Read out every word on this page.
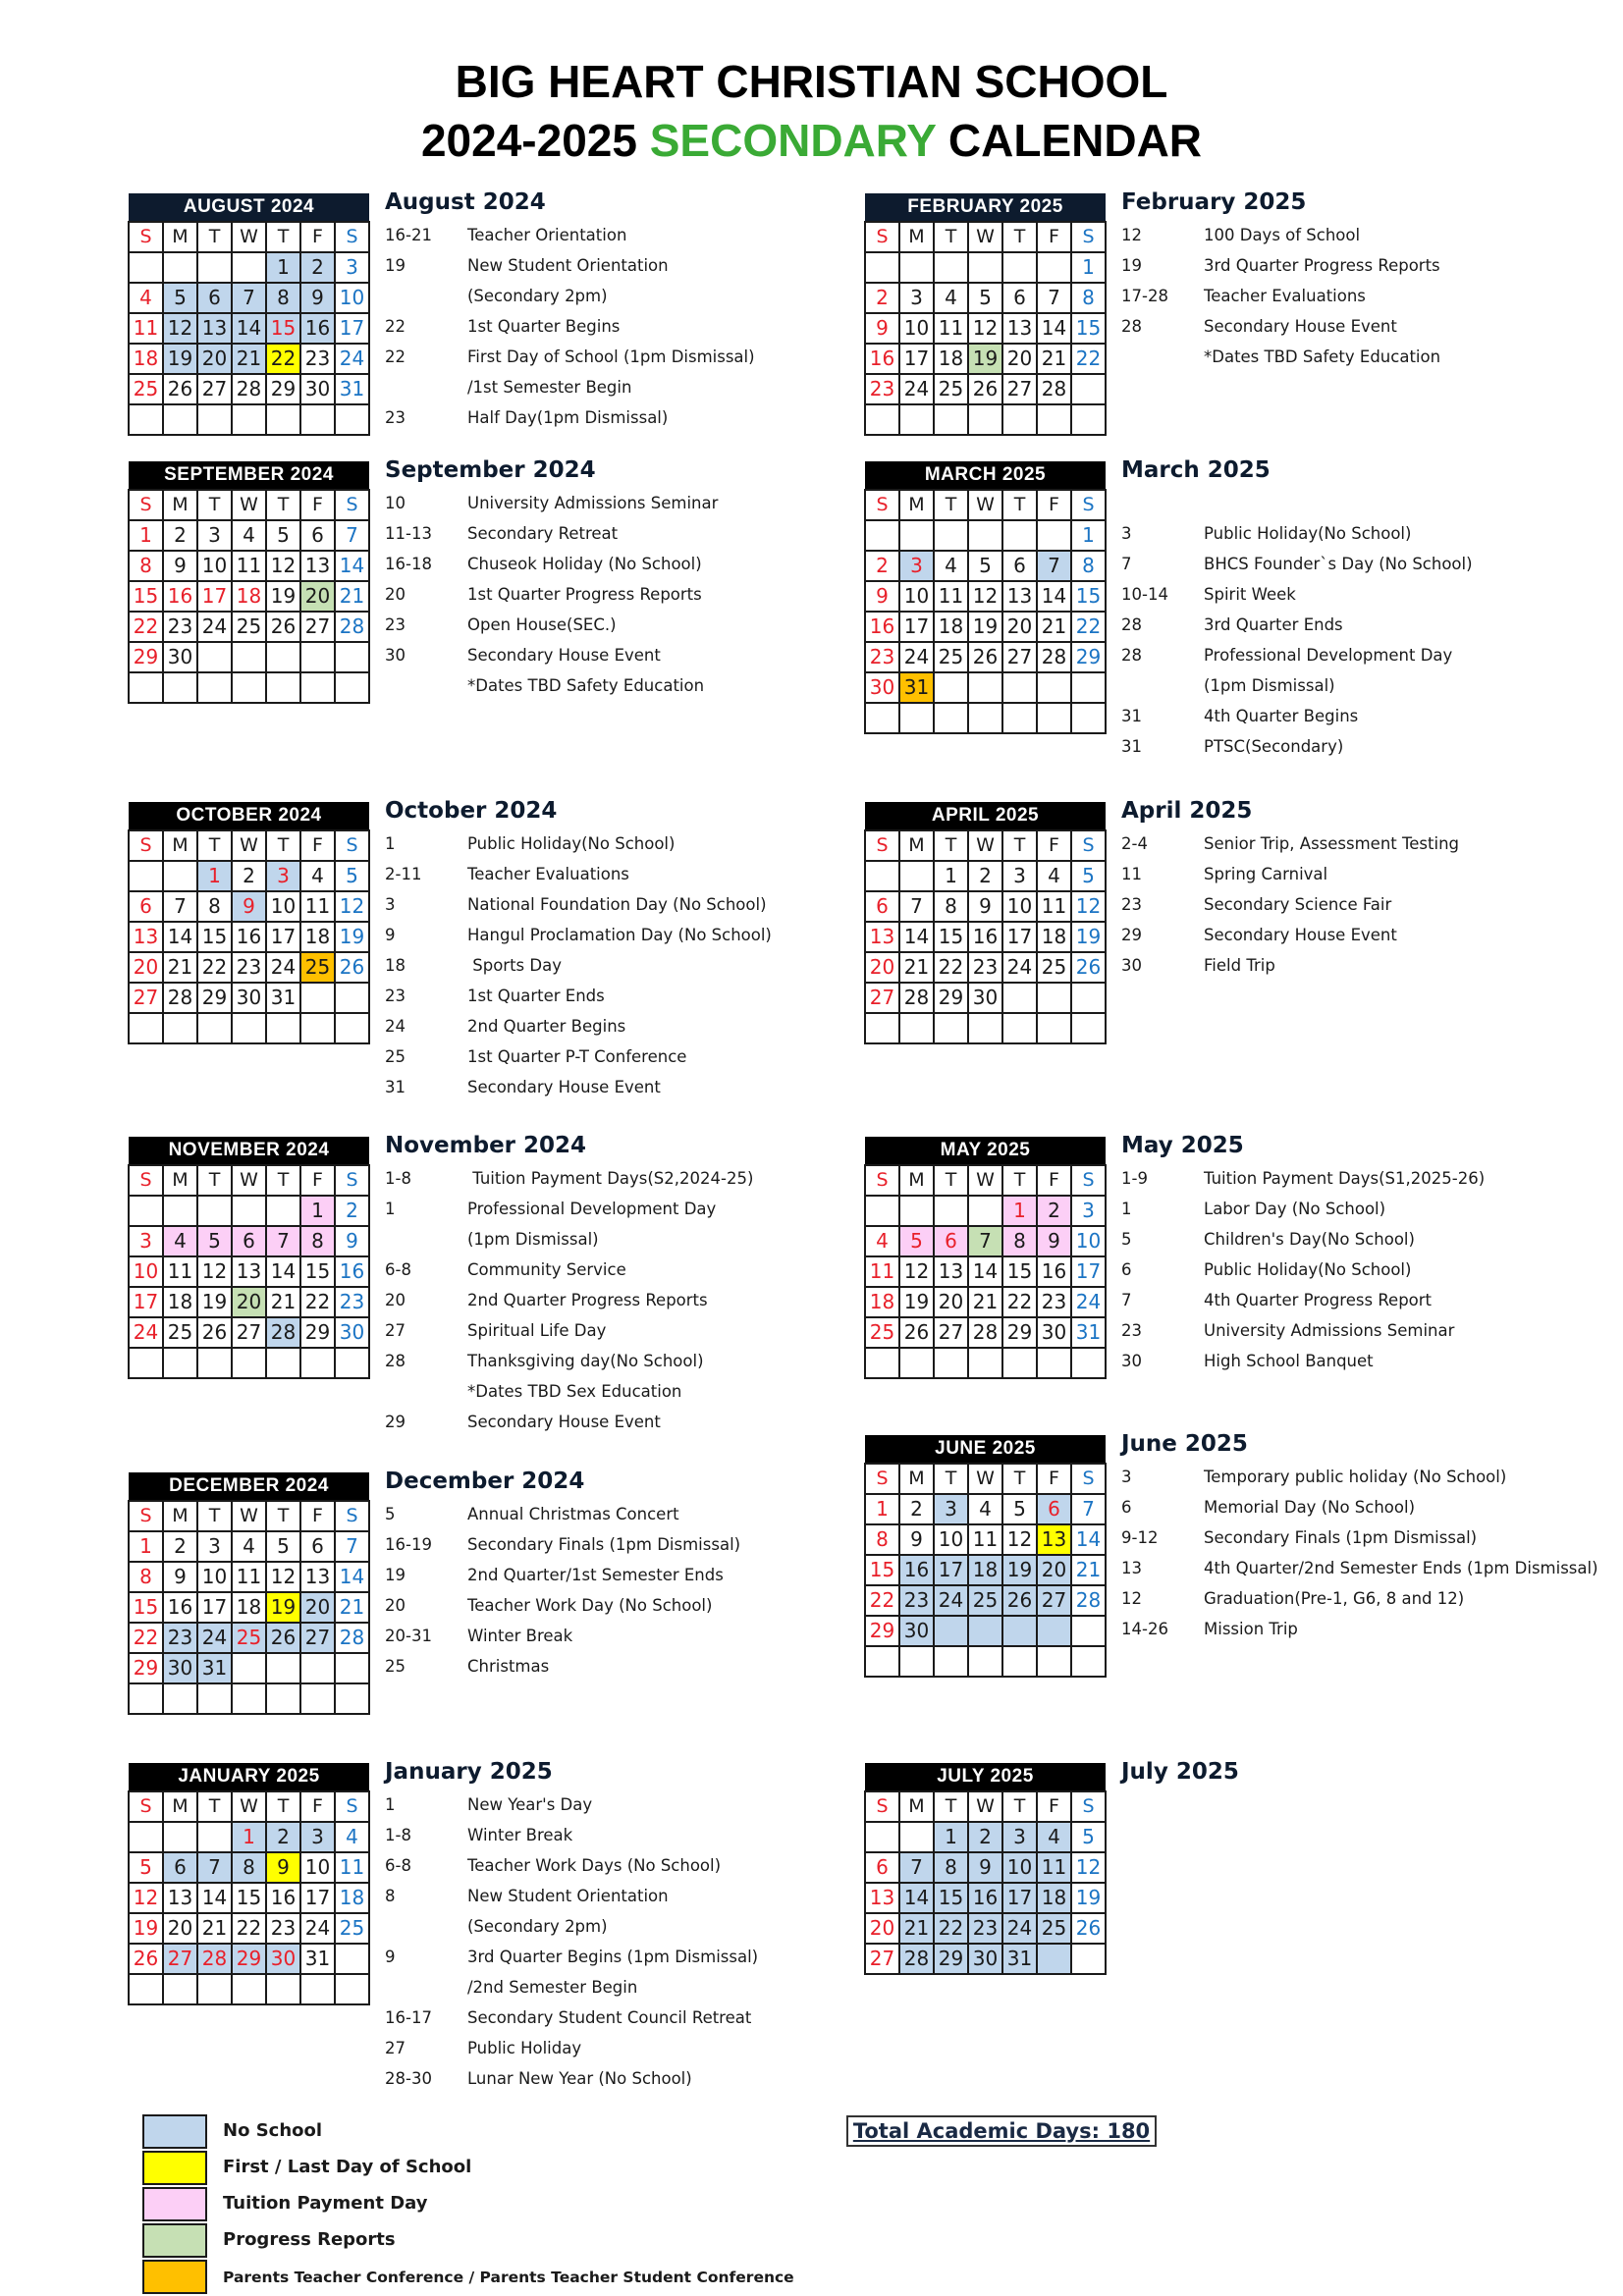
BIG HEART CHRISTIAN SCHOOL
2024-2025 SECONDARY CALENDAR
AUGUST 2024						
S	M	T	W	T	F	S
				1	2	3
4	5	6	7	8	9	10
11	12	13	14	15	16	17
18	19	20	21	22	23	24
25	26	27	28	29	30	31

August 2024
16-21 Teacher Orientation
19	New Student Orientation
(Secondary 2pm)
22	1st Quarter Begins
22	First Day of School (1pm Dismissal)
/1st Semester Begin
23	Half Day(1pm Dismissal)
FEBRUARY 2025						
S	M	T	W	T	F	S
						1
2	3	4	5	6	7	8
9	10	11	12	13	14	15
16	17	18	19	20	21	22
23	24	25	26	27	28	

February 2025
12	100 Days of School
19	3rd Quarter Progress Reports
17-28 Teacher Evaluations
28	Secondary House Event
*Dates TBD Safety Education
SEPTEMBER 2024						
S	M	T	W	T	F	S
1	2	3	4	5	6	7
8	9	10	11	12	13	14
15	16	17	18	19	20	21
22	23	24	25	26	27	28
29	30					

September 2024
10	University Admissions Seminar
11-13 Secondary Retreat
16-18 Chuseok Holiday (No School)
20	1st Quarter Progress Reports
23	Open House(SEC.)
30	Secondary House Event
*Dates TBD Safety Education
MARCH 2025						
S	M	T	W	T	F	S
						1
2	3	4	5	6	7	8
9	10	11	12	13	14	15
16	17	18	19	20	21	22
23	24	25	26	27	28	29
30	31					

March 2025
3	Public Holiday(No School)
7	BHCS Founder`s Day (No School)
10-14 Spirit Week
28	3rd Quarter Ends
28	Professional Development Day
(1pm Dismissal)
31	4th Quarter Begins
31	PTSC(Secondary)
OCTOBER 2024						
S	M	T	W	T	F	S
		1	2	3	4	5
6	7	8	9	10	11	12
13	14	15	16	17	18	19
20	21	22	23	24	25	26
27	28	29	30	31		

October 2024
1	Public Holiday(No School)
2-11	Teacher Evaluations
3	National Foundation Day (No School)
9	Hangul Proclamation Day (No School)
18	Sports Day
23	1st Quarter Ends
24	2nd Quarter Begins
25	1st Quarter P-T Conference
31	Secondary House Event
APRIL 2025						
S	M	T	W	T	F	S
		1	2	3	4	5
6	7	8	9	10	11	12
13	14	15	16	17	18	19
20	21	22	23	24	25	26
27	28	29	30			

April 2025
2-4	Senior Trip, Assessment Testing
11	Spring Carnival
23	Secondary Science Fair
29	Secondary House Event
30	Field Trip
NOVEMBER 2024						
S	M	T	W	T	F	S
					1	2
3	4	5	6	7	8	9
10	11	12	13	14	15	16
17	18	19	20	21	22	23
24	25	26	27	28	29	30

November 2024
1-8	Tuition Payment Days(S2,2024-25)
1	Professional Development Day
(1pm Dismissal)
6-8	Community Service
20	2nd Quarter Progress Reports
27	Spiritual Life Day
28	Thanksgiving day(No School)
*Dates TBD Sex Education
29	Secondary House Event
MAY 2025						
S	M	T	W	T	F	S
				1	2	3
4	5	6	7	8	9	10
11	12	13	14	15	16	17
18	19	20	21	22	23	24
25	26	27	28	29	30	31

May 2025
1-9	Tuition Payment Days(S1,2025-26)
1	Labor Day (No School)
5	Children's Day(No School)
6	Public Holiday(No School)
7	4th Quarter Progress Report
23	University Admissions Seminar
30	High School Banquet
DECEMBER 2024						
S	M	T	W	T	F	S
1	2	3	4	5	6	7
8	9	10	11	12	13	14
15	16	17	18	19	20	21
22	23	24	25	26	27	28
29	30	31				

December 2024
5	Annual Christmas Concert
16-19 Secondary Finals (1pm Dismissal)
19	2nd Quarter/1st Semester Ends
20	Teacher Work Day (No School)
20-31 Winter Break
25	Christmas
JUNE 2025						
S	M	T	W	T	F	S
1	2	3	4	5	6	7
8	9	10	11	12	13	14
15	16	17	18	19	20	21
22	23	24	25	26	27	28
29	30					

June 2025
3	Temporary public holiday (No School)
6	Memorial Day (No School)
9-12	Secondary Finals (1pm Dismissal)
13	4th Quarter/2nd Semester Ends (1pm Dismissal)
12	Graduation(Pre-1, G6, 8 and 12)
14-26 Mission Trip
JANUARY 2025						
S	M	T	W	T	F	S
			1	2	3	4
5	6	7	8	9	10	11
12	13	14	15	16	17	18
19	20	21	22	23	24	25
26	27	28	29	30	31	

January 2025
1	New Year's Day
1-8	Winter Break
6-8	Teacher Work Days (No School)
8	New Student Orientation
(Secondary 2pm)
9	3rd Quarter Begins (1pm Dismissal)
/2nd Semester Begin
16-17 Secondary Student Council Retreat
27	Public Holiday
28-30 Lunar New Year (No School)
JULY 2025						
S	M	T	W	T	F	S
		1	2	3	4	5
6	7	8	9	10	11	12
13	14	15	16	17	18	19
20	21	22	23	24	25	26
27	28	29	30	31		
July 2025
No School
First / Last Day of School
Tuition Payment Day
Progress Reports
Parents Teacher Conference / Parents Teacher Student Conference
Total Academic Days: 180
